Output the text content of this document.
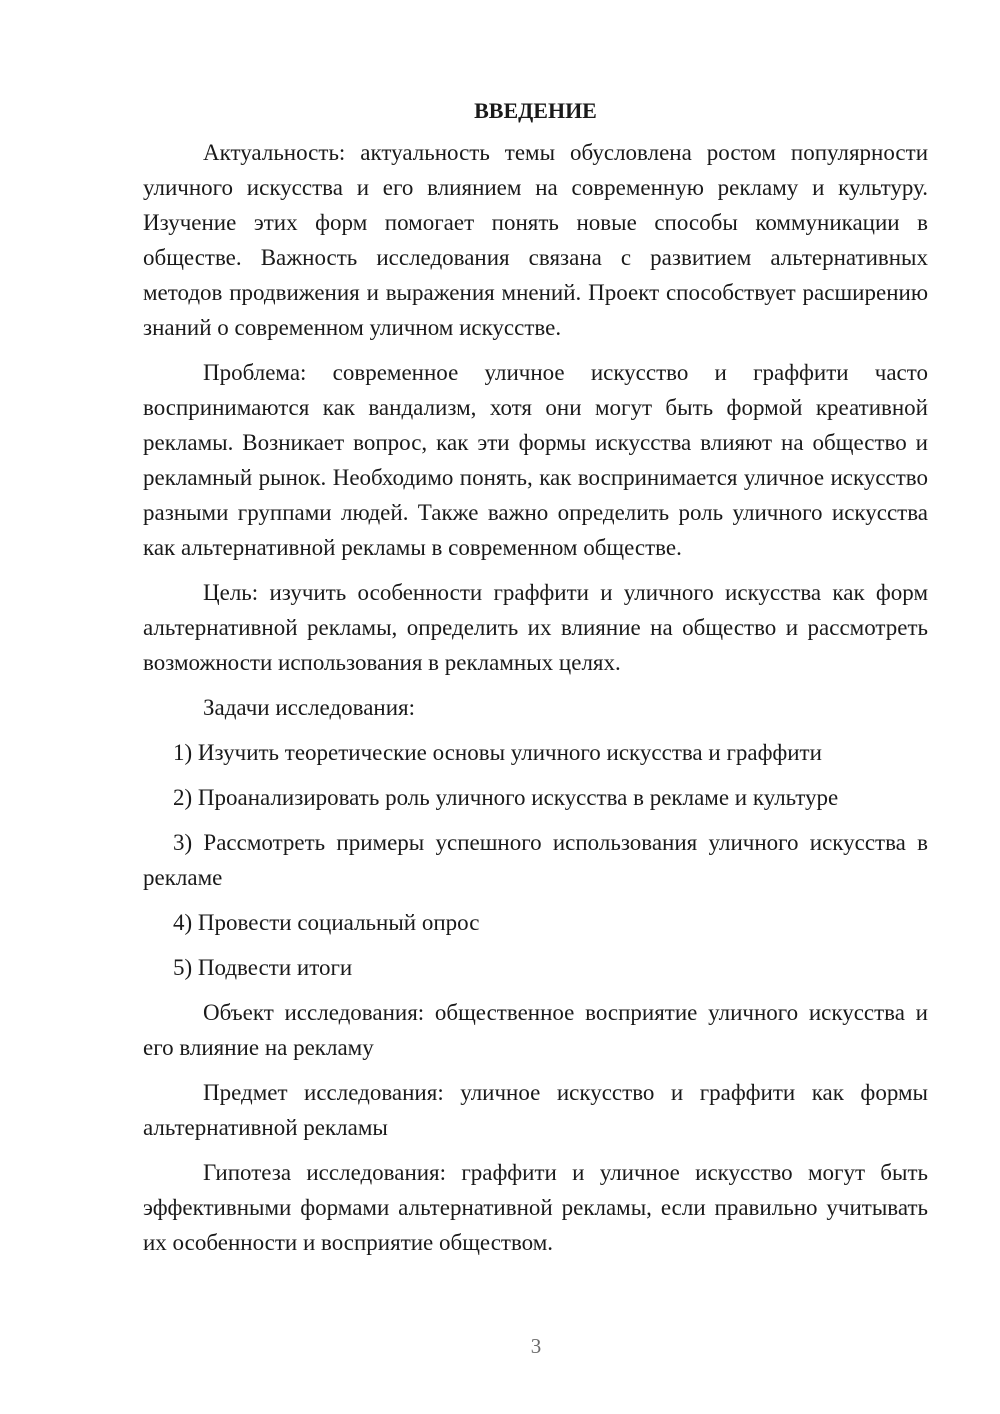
ВВЕДЕНИЕ

Актуальность: актуальность темы обусловлена ростом популярности уличного искусства и его влиянием на современную рекламу и культуру. Изучение этих форм помогает понять новые способы коммуникации в обществе. Важность исследования связана с развитием альтернативных методов продвижения и выражения мнений. Проект способствует расширению знаний о современном уличном искусстве.

Проблема: современное уличное искусство и граффити часто воспринимаются как вандализм, хотя они могут быть формой креативной рекламы. Возникает вопрос, как эти формы искусства влияют на общество и рекламный рынок. Необходимо понять, как воспринимается уличное искусство разными группами людей. Также важно определить роль уличного искусства как альтернативной рекламы в современном обществе.

Цель: изучить особенности граффити и уличного искусства как форм альтернативной рекламы, определить их влияние на общество и рассмотреть возможности использования в рекламных целях.

Задачи исследования:

1) Изучить теоретические основы уличного искусства и граффити

2) Проанализировать роль уличного искусства в рекламе и культуре

3) Рассмотреть примеры успешного использования уличного искусства в рекламе

4) Провести социальный опрос

5) Подвести итоги

Объект исследования: общественное восприятие уличного искусства и его влияние на рекламу

Предмет исследования: уличное искусство и граффити как формы альтернативной рекламы

Гипотеза исследования: граффити и уличное искусство могут быть эффективными формами альтернативной рекламы, если правильно учитывать их особенности и восприятие обществом.

3
